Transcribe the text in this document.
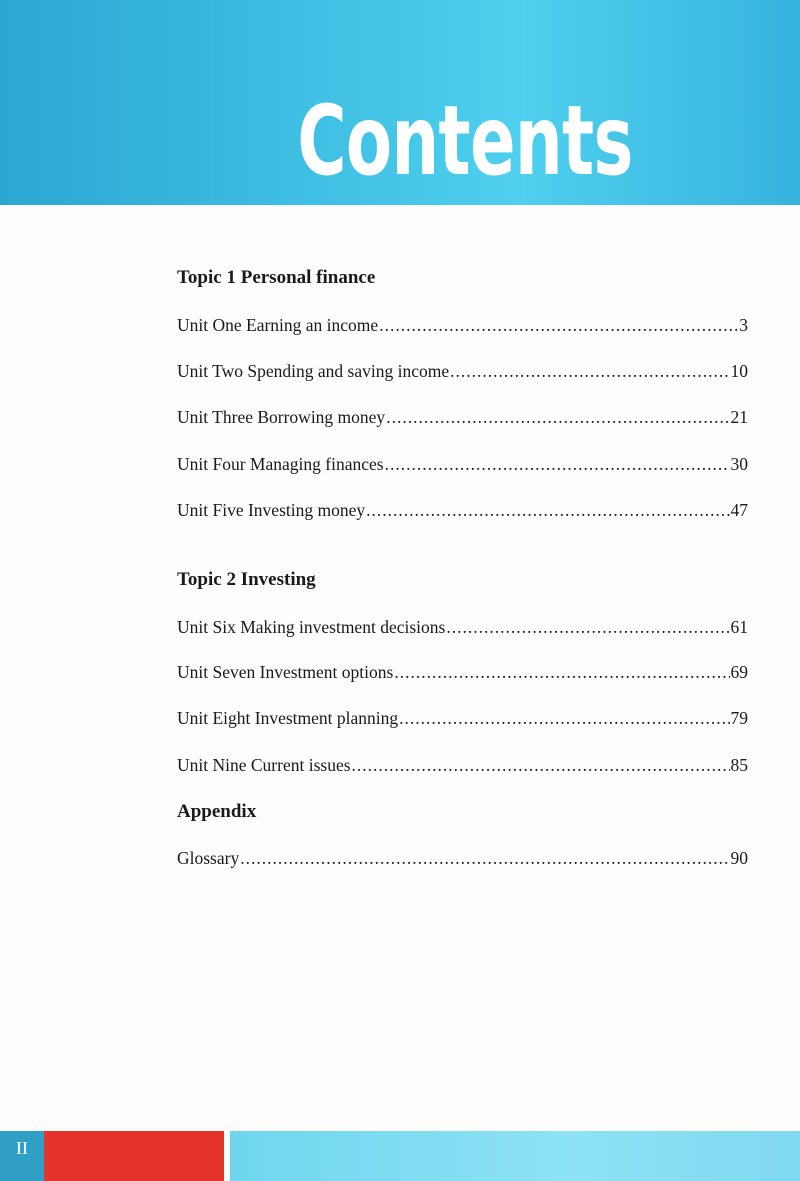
Contents
Topic 1 Personal finance
Unit One Earning an income .....	3
Unit Two Spending and saving income .....	10
Unit Three Borrowing money .....	21
Unit Four Managing finances .....	30
Unit Five Investing money .....	47
Topic 2 Investing
Unit Six Making investment decisions .....	61
Unit Seven Investment options .....	69
Unit Eight Investment planning .....	79
Unit Nine Current issues .....	85
Appendix
Glossary .....	90
II
